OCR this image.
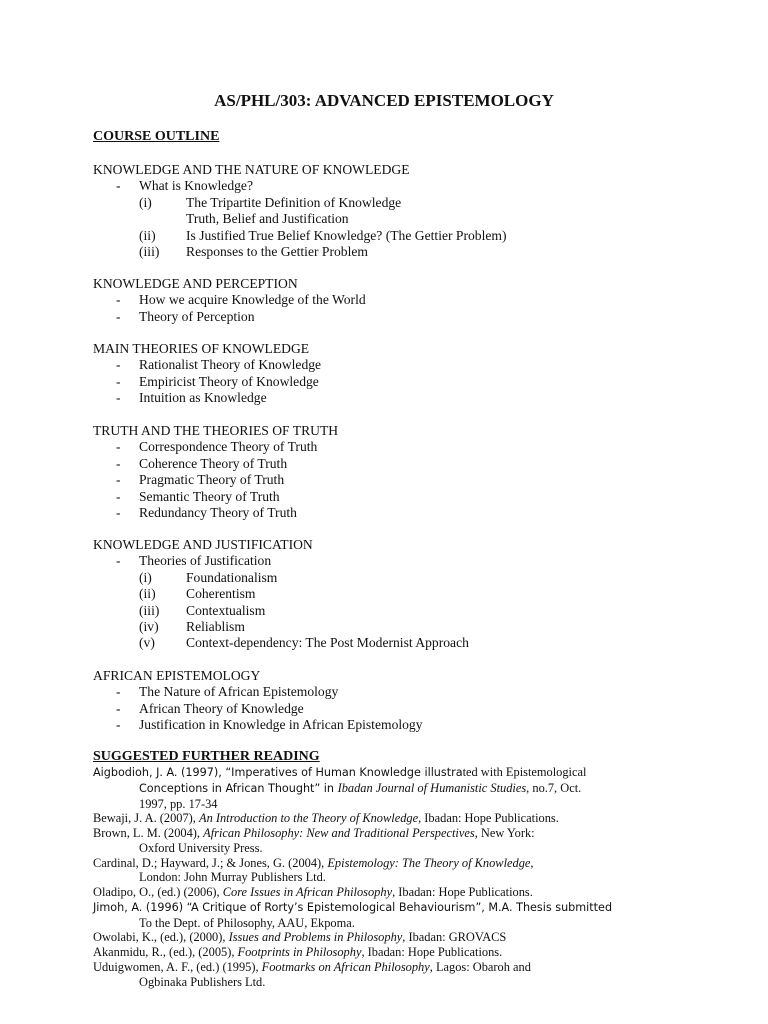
AS/PHL/303: ADVANCED EPISTEMOLOGY
COURSE OUTLINE
KNOWLEDGE AND THE NATURE OF KNOWLEDGE
- What is Knowledge?
(i)	The Tripartite Definition of Knowledge
Truth, Belief and Justification
(ii) Is Justified True Belief Knowledge? (The Gettier Problem)
(iii) Responses to the Gettier Problem
KNOWLEDGE AND PERCEPTION
- How we acquire Knowledge of the World
- Theory of Perception
MAIN THEORIES OF KNOWLEDGE
- Rationalist Theory of Knowledge
- Empiricist Theory of Knowledge
- Intuition as Knowledge
TRUTH AND THE THEORIES OF TRUTH
- Correspondence Theory of Truth
- Coherence Theory of Truth
- Pragmatic Theory of Truth
- Semantic Theory of Truth
- Redundancy Theory of Truth
KNOWLEDGE AND JUSTIFICATION
- Theories of Justification
(i)	Foundationalism
(ii) Coherentism
(iii) Contextualism
(iv) Reliablism
(v) Context-dependency: The Post Modernist Approach
AFRICAN EPISTEMOLOGY
- The Nature of African Epistemology
- African Theory of Knowledge
- Justification in Knowledge in African Epistemology
SUGGESTED FURTHER READING
Aigbodioh, J. A. (1997), “Imperatives of Human Knowledge illustrated with Epistemological
Conceptions in African Thought” in Ibadan Journal of Humanistic Studies, no.7, Oct.
1997, pp. 17-34
Bewaji, J. A. (2007), An Introduction to the Theory of Knowledge, Ibadan: Hope Publications.
Brown, L. M. (2004), African Philosophy: New and Traditional Perspectives, New York:
Oxford University Press.
Cardinal, D.; Hayward, J.; & Jones, G. (2004), Epistemology: The Theory of Knowledge,
London: John Murray Publishers Ltd.
Oladipo, O., (ed.) (2006), Core Issues in African Philosophy, Ibadan: Hope Publications.
Jimoh, A. (1996) “A Critique of Rorty’s Epistemological Behaviourism”, M.A. Thesis submitted
To the Dept. of Philosophy, AAU, Ekpoma.
Owolabi, K., (ed.), (2000), Issues and Problems in Philosophy, Ibadan: GROVACS
Akanmidu, R., (ed.), (2005), Footprints in Philosophy, Ibadan: Hope Publications.
Uduigwomen, A. F., (ed.) (1995), Footmarks on African Philosophy, Lagos: Obaroh and
Ogbinaka Publishers Ltd.
